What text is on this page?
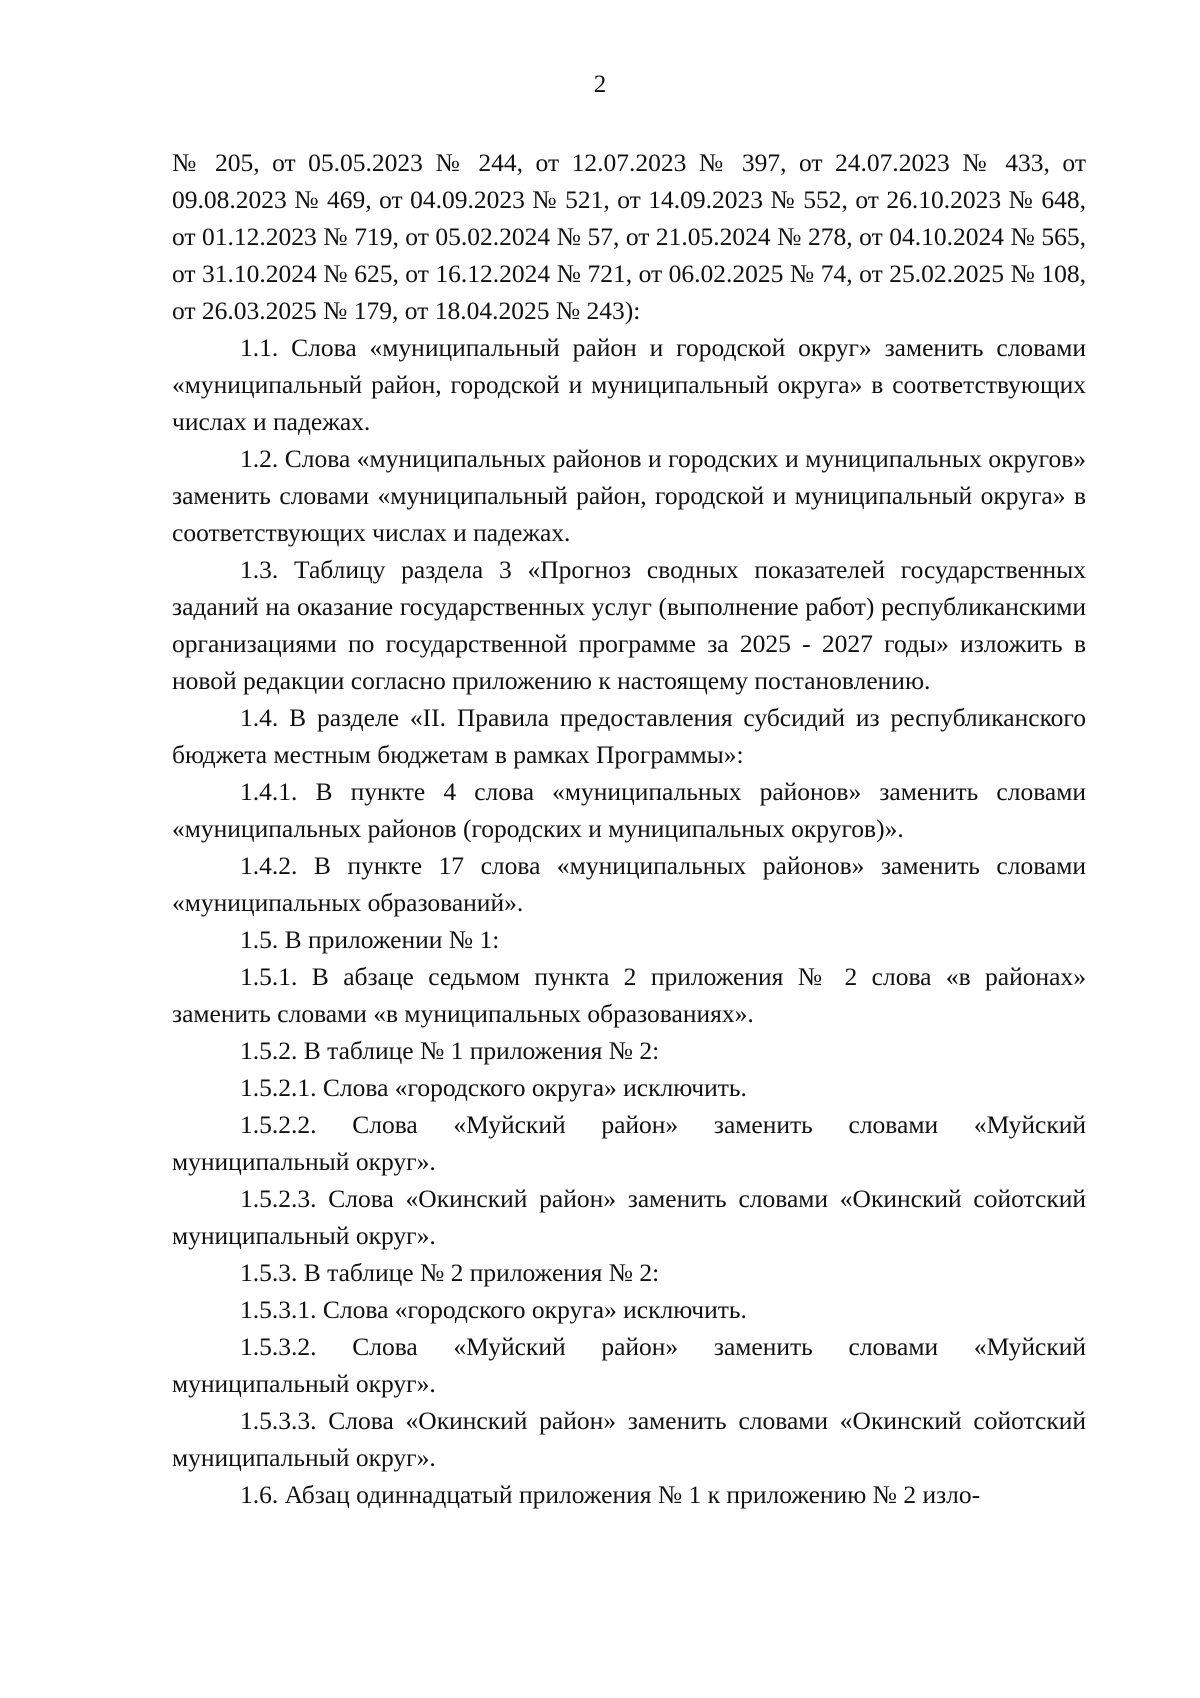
2

№ 205, от 05.05.2023 № 244, от 12.07.2023 № 397, от 24.07.2023 № 433, от 09.08.2023 № 469, от 04.09.2023 № 521, от 14.09.2023 № 552, от 26.10.2023 № 648, от 01.12.2023 № 719, от 05.02.2024 № 57, от 21.05.2024 № 278, от 04.10.2024 № 565, от 31.10.2024 № 625, от 16.12.2024 № 721, от 06.02.2025 № 74, от 25.02.2025 № 108, от 26.03.2025 № 179, от 18.04.2025 № 243):

1.1. Слова «муниципальный район и городской округ» заменить словами «муниципальный район, городской и муниципальный округа» в соответствующих числах и падежах.

1.2. Слова «муниципальных районов и городских и муниципальных округов» заменить словами «муниципальный район, городской и муниципальный округа» в соответствующих числах и падежах.

1.3. Таблицу раздела 3 «Прогноз сводных показателей государственных заданий на оказание государственных услуг (выполнение работ) республиканскими организациями по государственной программе за 2025 - 2027 годы» изложить в новой редакции согласно приложению к настоящему постановлению.

1.4. В разделе «II. Правила предоставления субсидий из республиканского бюджета местным бюджетам в рамках Программы»:

1.4.1. В пункте 4 слова «муниципальных районов» заменить словами «муниципальных районов (городских и муниципальных округов)».

1.4.2. В пункте 17 слова «муниципальных районов» заменить словами «муниципальных образований».

1.5. В приложении № 1:

1.5.1. В абзаце седьмом пункта 2 приложения № 2 слова «в районах» заменить словами «в муниципальных образованиях».

1.5.2. В таблице № 1 приложения № 2:

1.5.2.1. Слова «городского округа» исключить.

1.5.2.2. Слова «Муйский район» заменить словами «Муйский муниципальный округ».

1.5.2.3. Слова «Окинский район» заменить словами «Окинский сойотский муниципальный округ».

1.5.3. В таблице № 2 приложения № 2:

1.5.3.1. Слова «городского округа» исключить.

1.5.3.2. Слова «Муйский район» заменить словами «Муйский муниципальный округ».

1.5.3.3. Слова «Окинский район» заменить словами «Окинский сойотский муниципальный округ».

1.6. Абзац одиннадцатый приложения № 1 к приложению № 2 изло-
